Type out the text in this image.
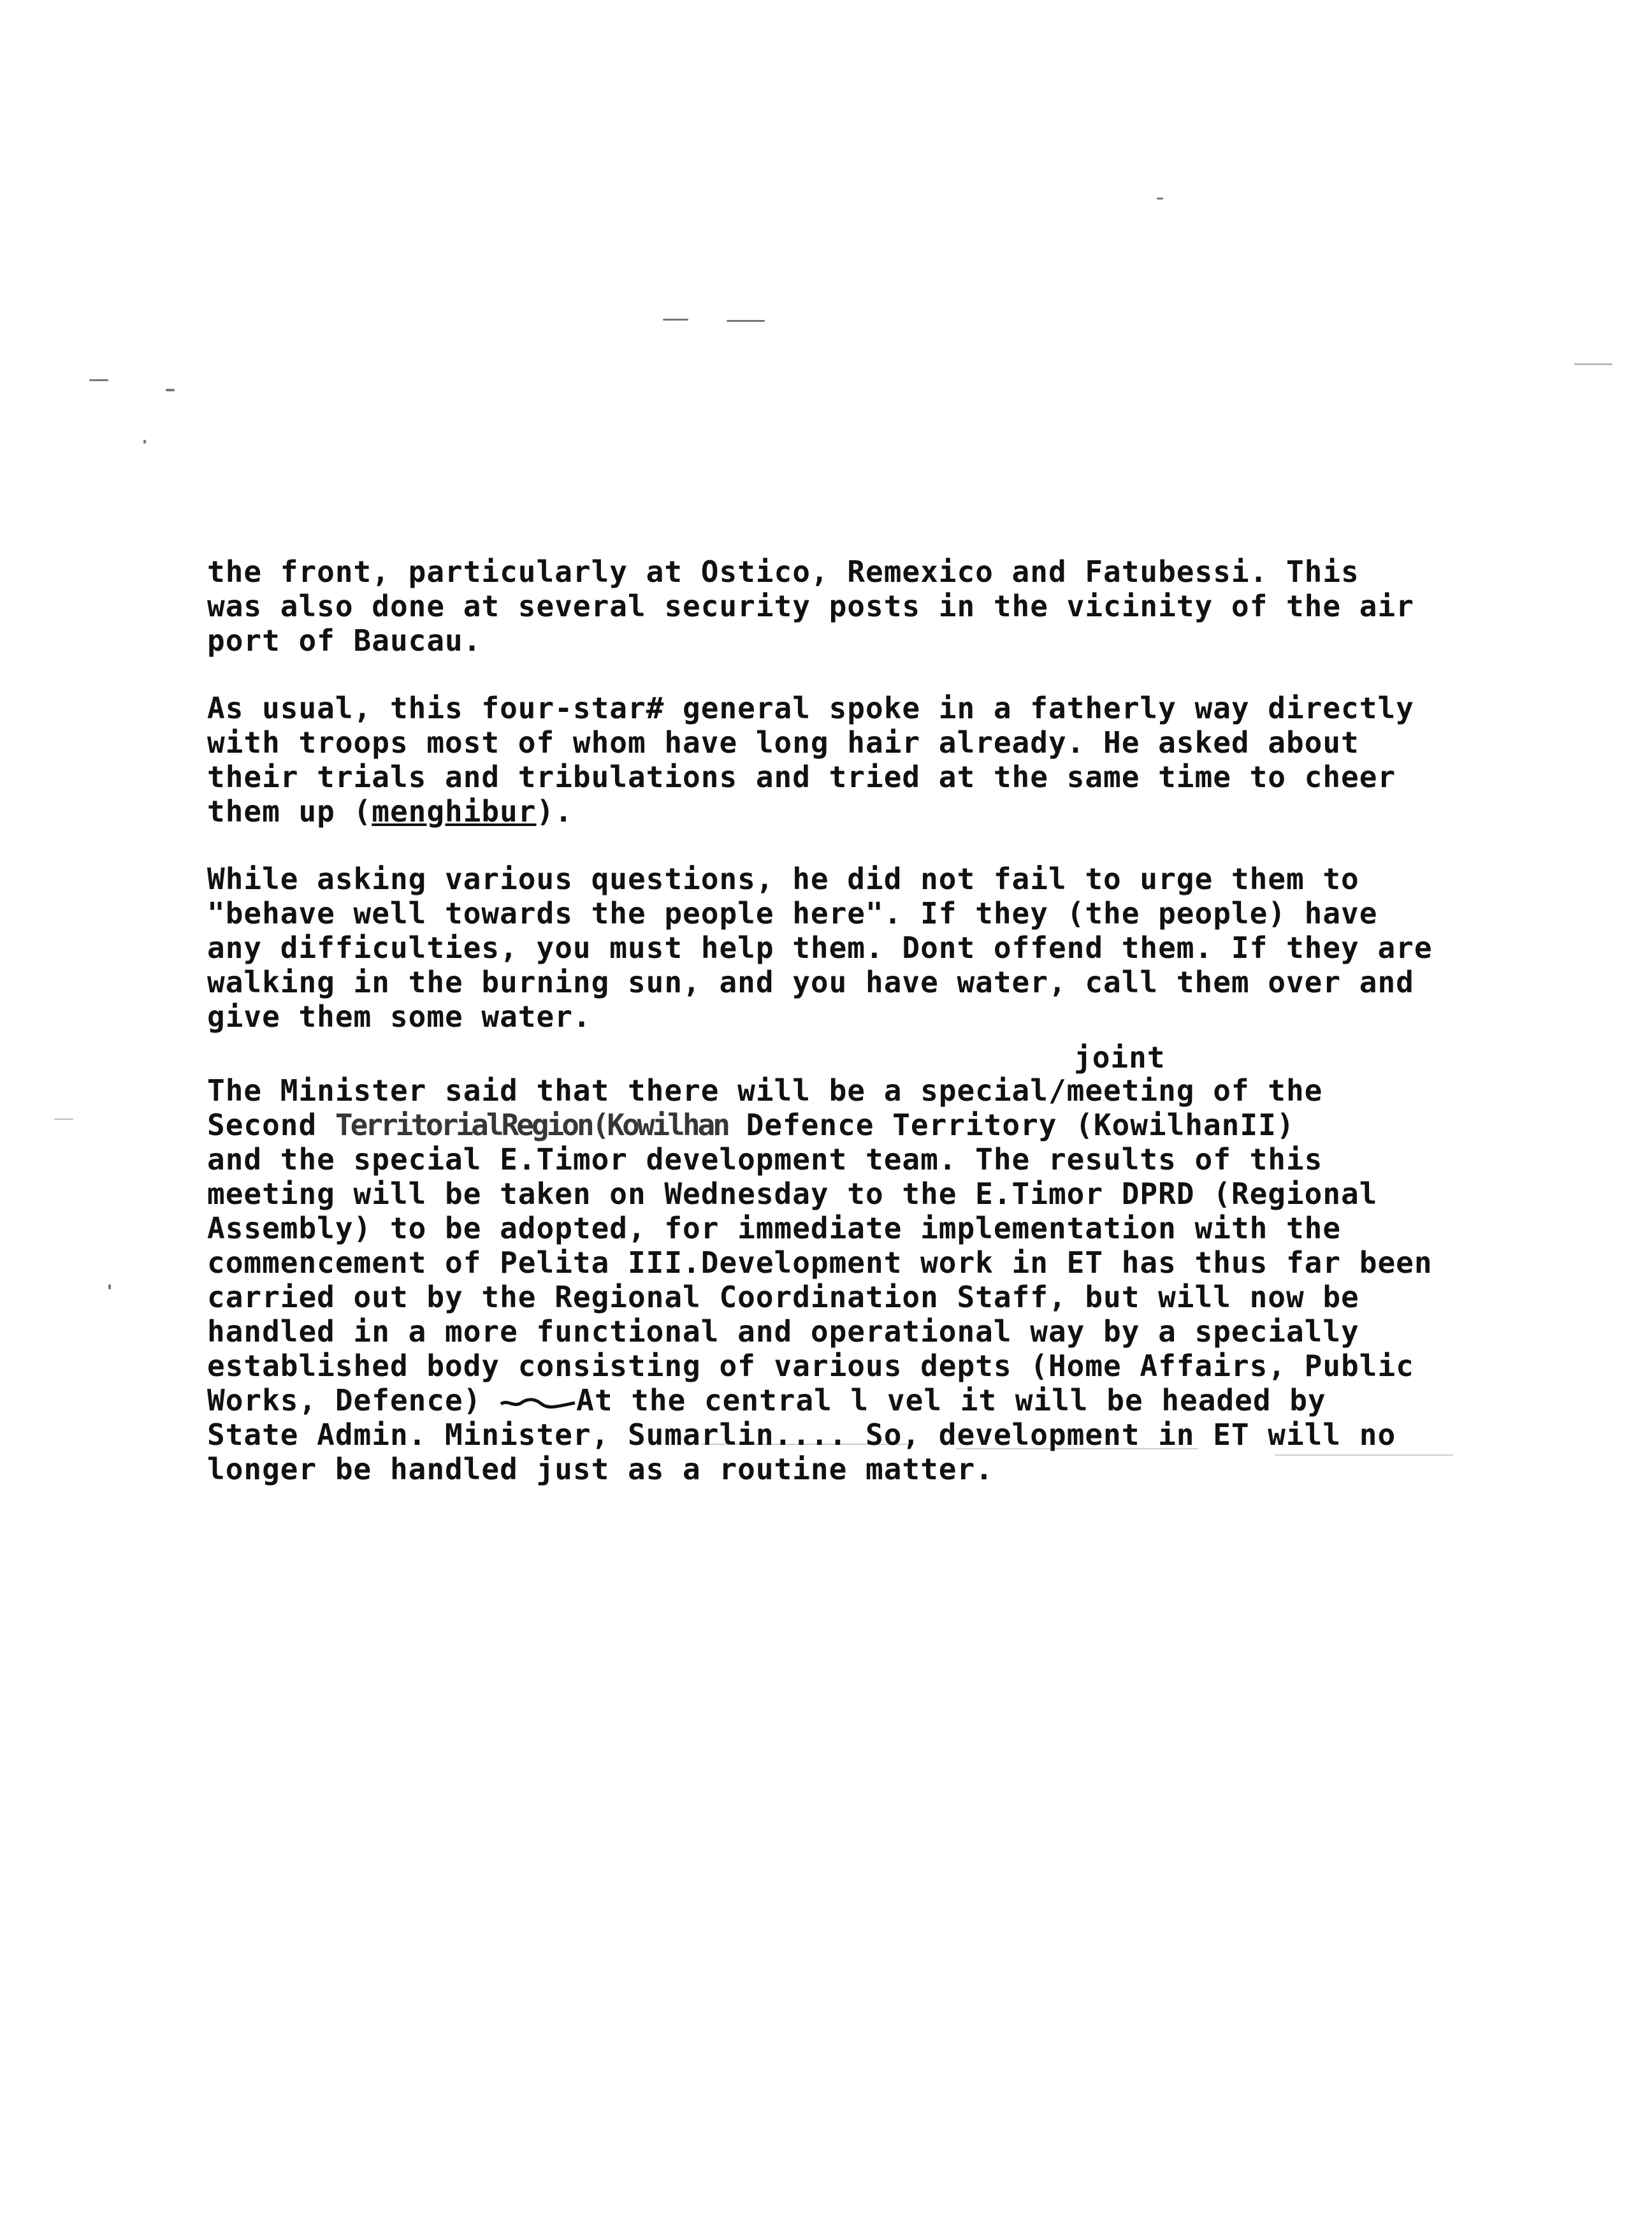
the front, particularly at Ostico, Remexico and Fatubessi. This
was also done at several security posts in the vicinity of the air
port of Baucau.
As usual, this four-star# general spoke in a fatherly way directly
with troops most of whom have long hair already. He asked about
their trials and tribulations and tried at the same time to cheer
them up (menghibur).
While asking various questions, he did not fail to urge them to
"behave well towards the people here". If they (the people) have
any difficulties, you must help them. Dont offend them. If they are
walking in the burning sun, and you have water, call them over and
give them some water.
joint
The Minister said that there will be a special/meeting of the
Second TerritorialRegion(Kowilhan Defence Territory (KowilhanII)
and the special E.Timor development team. The results of this
meeting will be taken on Wednesday to the E.Timor DPRD (Regional
Assembly) to be adopted, for immediate implementation with the
commencement of Pelita III.Development work in ET has thus far been
carried out by the Regional Coordination Staff, but will now be
handled in a more functional and operational way by a specially
established body consisting of various depts (Home Affairs, Public
Works, Defence)	At the central l vel it will be headed by
State Admin. Minister, Sumarlin.... So, development in ET will no
longer be handled just as a routine matter.
